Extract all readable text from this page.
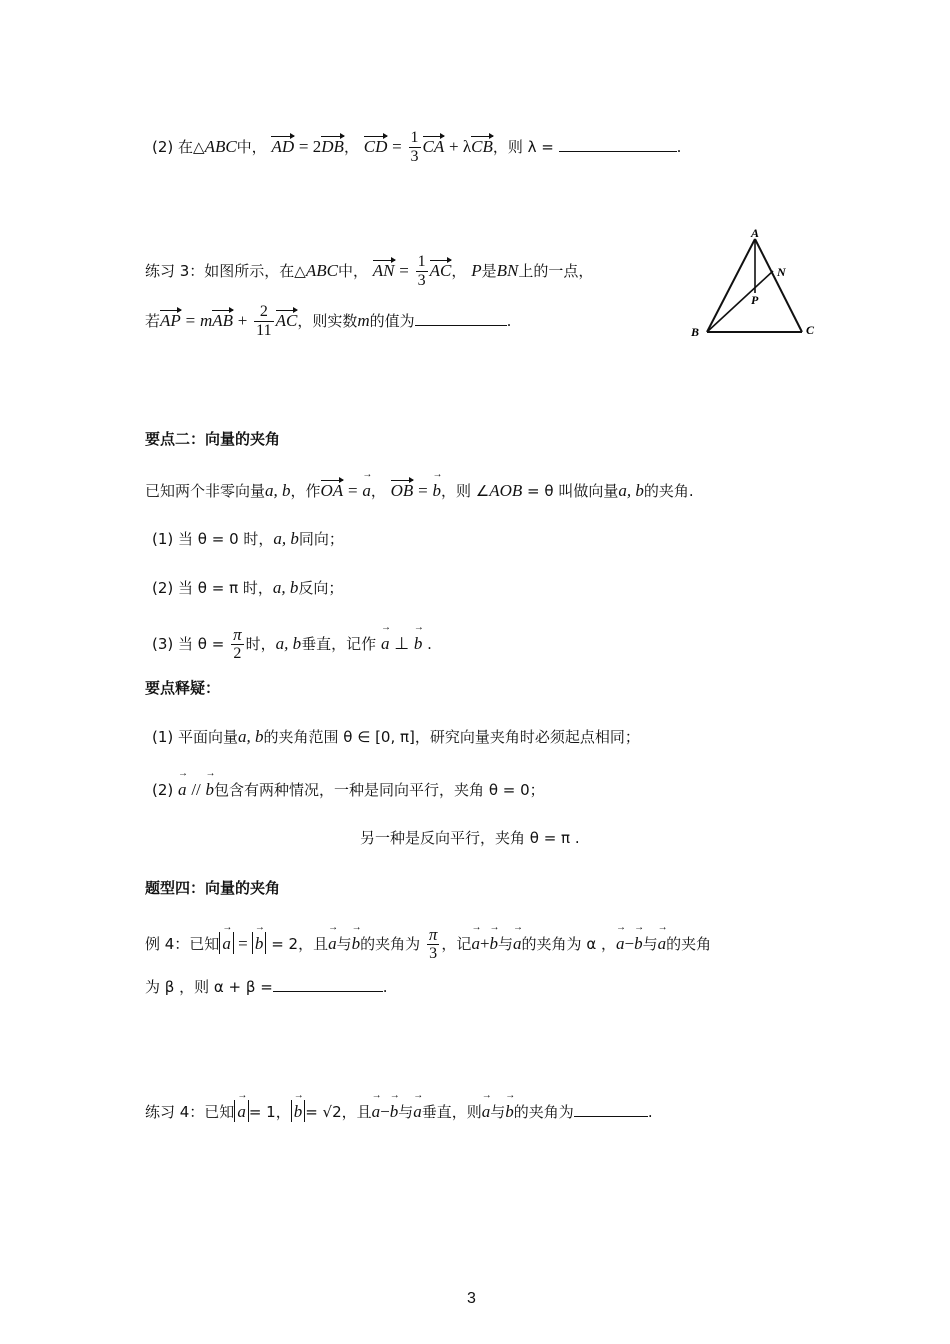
(2) 在△ABC中， AD = 2DB， CD = $\frac{1}{3}$ CA + λCB，则 λ =	.
练习 3：如图所示，在△ABC中， AN = $\frac{1}{3}$ AC， P是BN上的一点，
若AP = mAB + $\frac{2}{11}$ AC，则实数m的值为	.
A
N
P
B	C
要点二：向量的夹角
已知两个非零向量a, b，作OA =
→
a， OB =
→
b，则 ∠AOB = θ 叫做向量a, b的夹角.
(1) 当 θ = 0 时，a, b同向；
(2) 当 θ = π 时，a, b反向；
(3) 当 $\theta = \frac{\pi}{2}$ 时，a, b垂直，记作
→
a ⊥
→
b .
要点释疑：
(1) 平面向量a, b的夹角范围 θ ∈ [0, π]，研究向量夹角时必须起点相同；
(2)
→
a //
→
b包含有两种情况，一种是同向平行，夹角 θ = 0；
另一种是反向平行，夹角 θ = π .
题型四：向量的夹角
例 4：已知
→
a =
→
b = 2，且
→
a与
→
b的夹角为 $\frac{\pi}{3}$ ，记
→
a+
→
b与
→
a的夹角为 α ，
→
a−
→
b与
→
a的夹角
为 β ，则 α + β =	.
练习 4：已知
→
a = 1，
→
b = √2，且
→
a−
→
b与
→
a垂直，则
→
a与
→
b的夹角为	.
3
